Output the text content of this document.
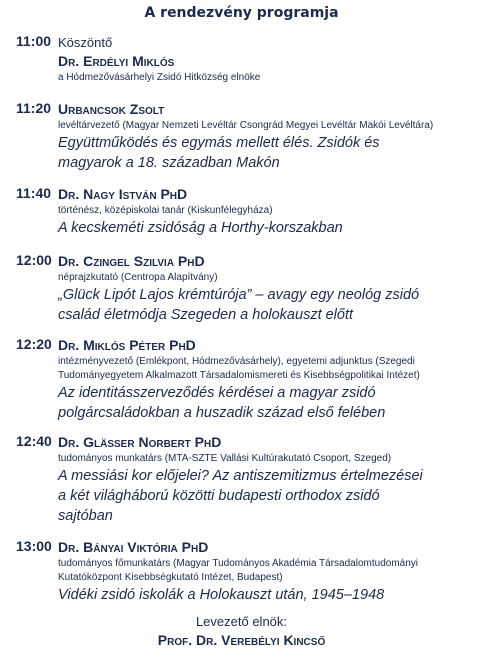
A rendezvény programja
11:00 Köszöntő
Dr. Erdélyi Miklós
a Hódmezővásárhelyi Zsidó Hitközség elnöke
11:20 Urbancsok Zsolt
levéltárvezető (Magyar Nemzeti Levéltár Csongrád Megyei Levéltár Makói Levéltára)
Együttműködés és egymás mellett élés. Zsidók és
magyarok a 18. században Makón
11:40 Dr. Nagy István PhD
történész, középiskolai tanár (Kiskunfélegyháza)
A kecskeméti zsidóság a Horthy-korszakban
12:00 Dr. Czingel Szilvia PhD
néprajzkutató (Centropa Alapítvány)
„Glück Lipót Lajos krémtúrója” – avagy egy neológ zsidó
család életmódja Szegeden a holokauszt előtt
12:20 Dr. Miklós Péter PhD
intézményvezető (Emlékpont, Hódmezővásárhely), egyetemi adjunktus (Szegedi Tudományegyetem Alkalmazott Társadalomismereti és Kisebbségpolitikai Intézet)
Az identitásszerveződés kérdései a magyar zsidó
polgárcsaládokban a huszadik század első felében
12:40 Dr. Glässer Norbert PhD
tudományos munkatárs (MTA-SZTE Vallási Kultúrakutató Csoport, Szeged)
A messiási kor előjelei? Az antiszemitizmus értelmezései
a két világháború közötti budapesti orthodox zsidó
sajtóban
13:00 Dr. Bányai Viktória PhD
tudományos főmunkatárs (Magyar Tudományos Akadémia Társadalomtudományi Kutatóközpont Kisebbségkutató Intézet, Budapest)
Vidéki zsidó iskolák a Holokauszt után, 1945–1948
Levezető elnök:
Prof. Dr. Verebélyi Kincső
